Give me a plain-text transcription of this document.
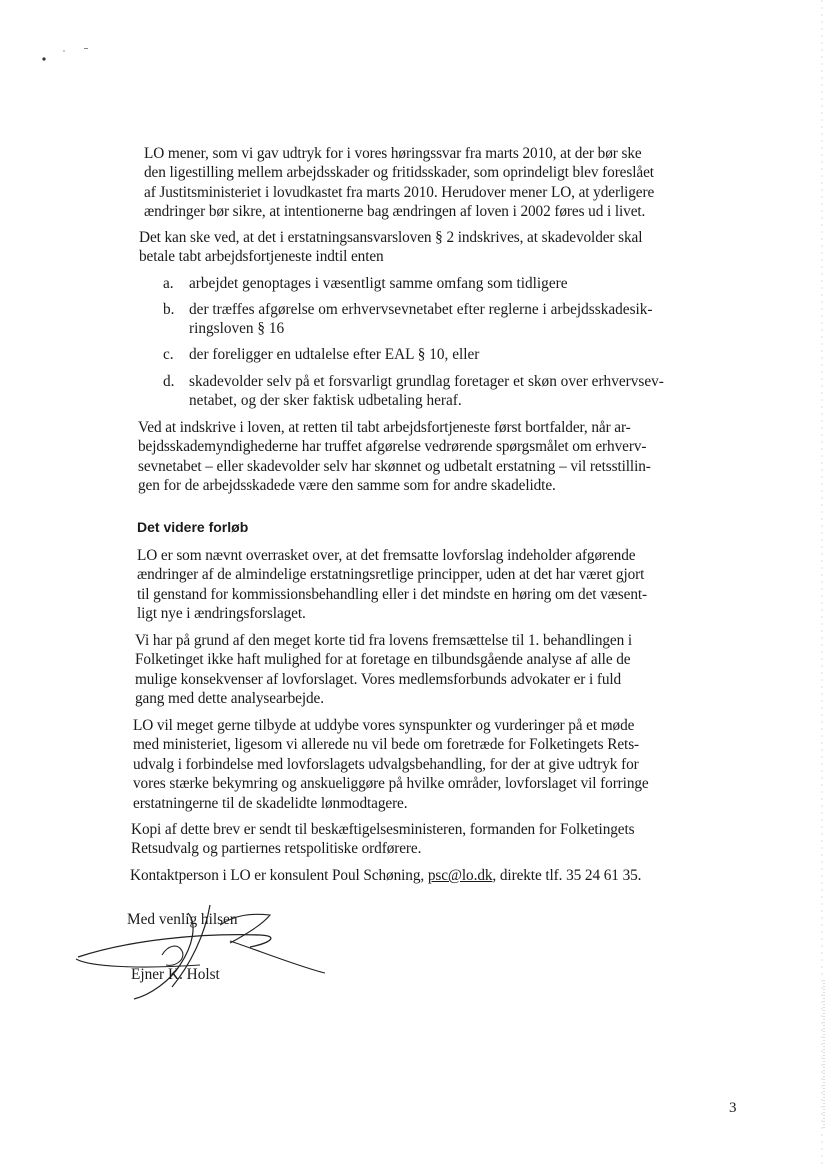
LO mener, som vi gav udtryk for i vores høringssvar fra marts 2010, at der bør ske
den ligestilling mellem arbejdsskader og fritidsskader, som oprindeligt blev foreslået
af Justitsministeriet i lovudkastet fra marts 2010. Herudover mener LO, at yderligere
ændringer bør sikre, at intentionerne bag ændringen af loven i 2002 føres ud i livet.

Det kan ske ved, at det i erstatningsansvarsloven § 2 indskrives, at skadevolder skal
betale tabt arbejdsfortjeneste indtil enten

a. arbejdet genoptages i væsentligt samme omfang som tidligere
b. der træffes afgørelse om erhvervsevnetabet efter reglerne i arbejdsskadesik-
ringsloven § 16
c. der foreligger en udtalelse efter EAL § 10, eller
d. skadevolder selv på et forsvarligt grundlag foretager et skøn over erhvervsev-
netabet, og der sker faktisk udbetaling heraf.

Ved at indskrive i loven, at retten til tabt arbejdsfortjeneste først bortfalder, når ar-
bejdsskademyndighederne har truffet afgørelse vedrørende spørgsmålet om erhverv-
sevnetabet – eller skadevolder selv har skønnet og udbetalt erstatning – vil retsstillin-
gen for de arbejdsskadede være den samme som for andre skadelidte.

Det videre forløb

LO er som nævnt overrasket over, at det fremsatte lovforslag indeholder afgørende
ændringer af de almindelige erstatningsretlige principper, uden at det har været gjort
til genstand for kommissionsbehandling eller i det mindste en høring om det væsent-
ligt nye i ændringsforslaget.

Vi har på grund af den meget korte tid fra lovens fremsættelse til 1. behandlingen i
Folketinget ikke haft mulighed for at foretage en tilbundsgående analyse af alle de
mulige konsekvenser af lovforslaget. Vores medlemsforbunds advokater er i fuld
gang med dette analysearbejde.

LO vil meget gerne tilbyde at uddybe vores synspunkter og vurderinger på et møde
med ministeriet, ligesom vi allerede nu vil bede om foretræde for Folketingets Rets-
udvalg i forbindelse med lovforslagets udvalgsbehandling, for der at give udtryk for
vores stærke bekymring og anskueliggøre på hvilke områder, lovforslaget vil forringe
erstatningerne til de skadelidte lønmodtagere.

Kopi af dette brev er sendt til beskæftigelsesministeren, formanden for Folketingets
Retsudvalg og partiernes retspolitiske ordførere.

Kontaktperson i LO er konsulent Poul Schøning, psc@lo.dk, direkte tlf. 35 24 61 35.

Med venlig hilsen
Ejner K. Holst
3
